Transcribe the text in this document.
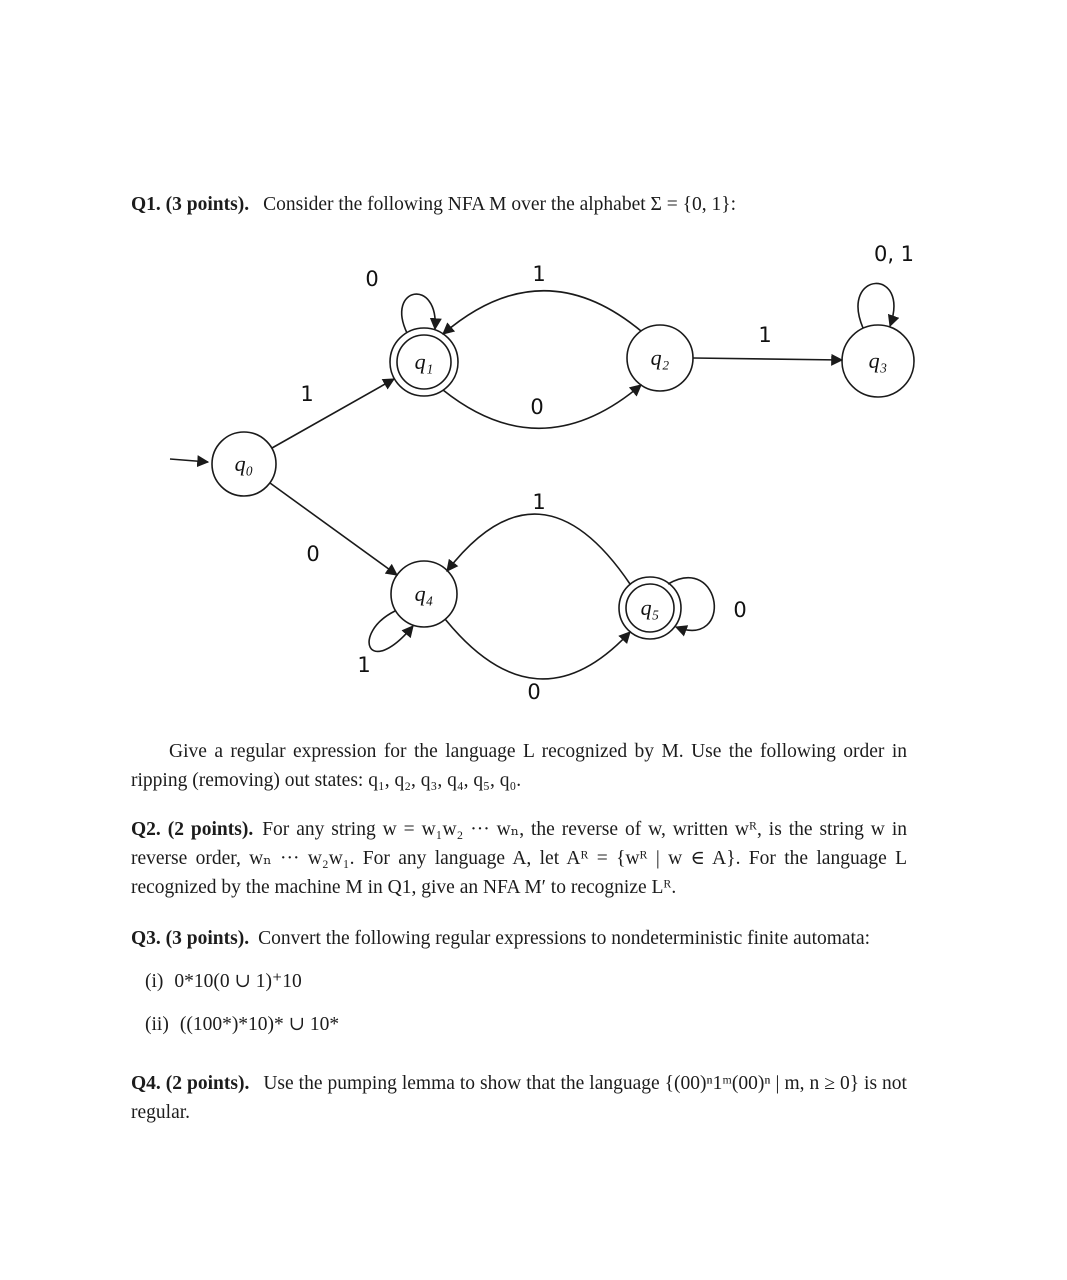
Q1. (3 points). Consider the following NFA M over the alphabet Σ = {0, 1}:

q₀
q₁	q₂	q₃
q₄
q₅
1
0
0	1
0
1
0, 1
1
0
1
0

Give a regular expression for the language L recognized by M. Use the following order in ripping (removing) out states: q₁, q₂, q₃, q₄, q₅, q₀.

Q2. (2 points). For any string w = w₁w₂ ··· wₙ, the reverse of w, written wᴿ, is the string w in reverse order, wₙ ··· w₂w₁. For any language A, let Aᴿ = {wᴿ | w ∈ A}. For the language L recognized by the machine M in Q1, give an NFA M′ to recognize Lᴿ.

Q3. (3 points). Convert the following regular expressions to nondeterministic finite automata:

(i) 0*10(0 ∪ 1)⁺10

(ii) ((100*)*10)* ∪ 10*

Q4. (2 points). Use the pumping lemma to show that the language {(00)ⁿ1ᵐ(00)ⁿ | m, n ≥ 0} is not regular.
